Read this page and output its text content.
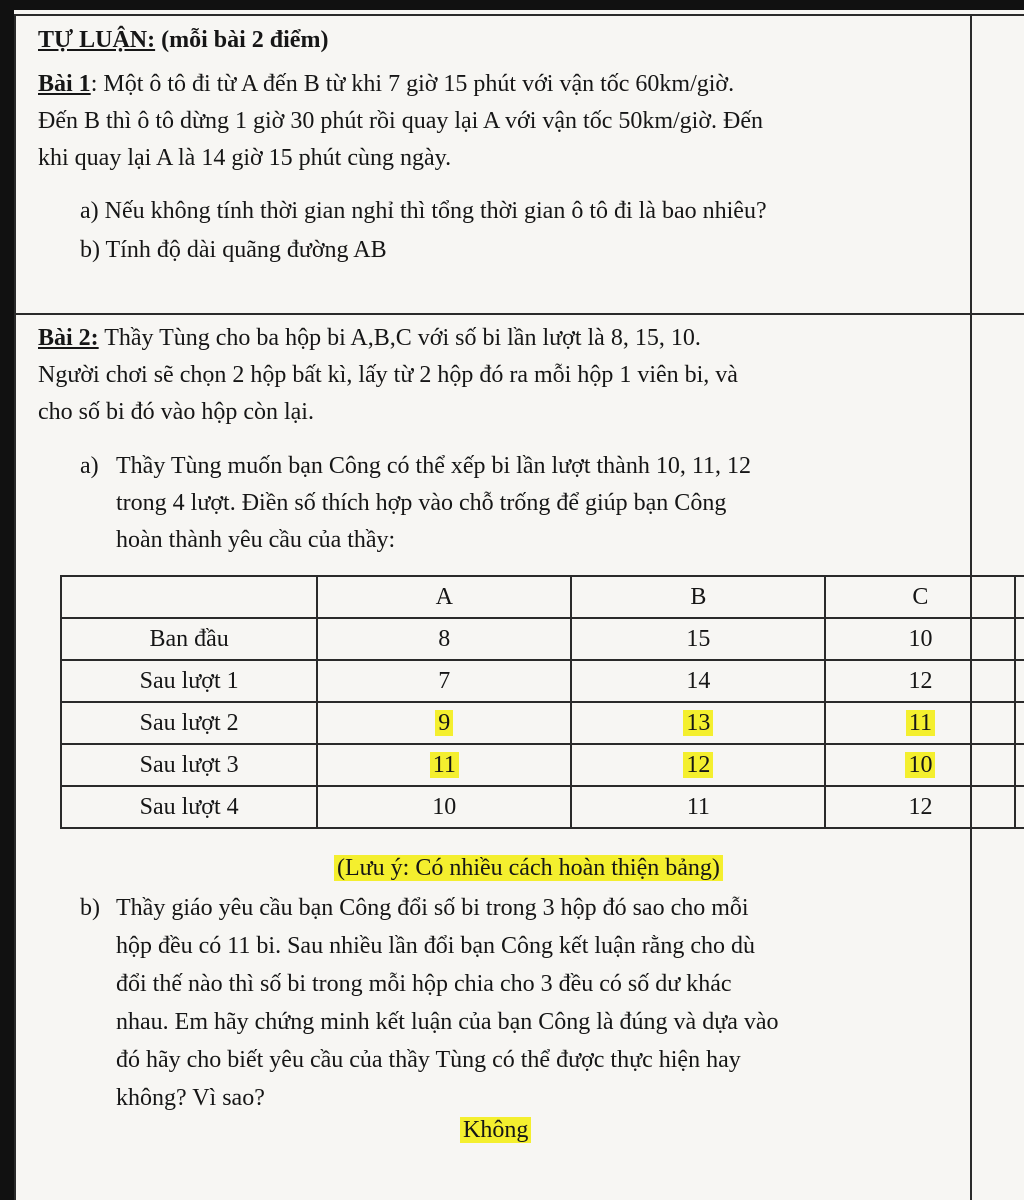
TỰ LUẬN: (mỗi bài 2 điểm)
Bài 1: Một ô tô đi từ A đến B từ khi 7 giờ 15 phút với vận tốc 60km/giờ.
Đến B thì ô tô dừng 1 giờ 30 phút rồi quay lại A với vận tốc 50km/giờ. Đến
khi quay lại A là 14 giờ 15 phút cùng ngày.
a) Nếu không tính thời gian nghỉ thì tổng thời gian ô tô đi là bao nhiêu?
b) Tính độ dài quãng đường AB
Bài 2: Thầy Tùng cho ba hộp bi A,B,C với số bi lần lượt là 8, 15, 10.
Người chơi sẽ chọn 2 hộp bất kì, lấy từ 2 hộp đó ra mỗi hộp 1 viên bi, và
cho số bi đó vào hộp còn lại.
a) Thầy Tùng muốn bạn Công có thể xếp bi lần lượt thành 10, 11, 12
trong 4 lượt. Điền số thích hợp vào chỗ trống để giúp bạn Công
hoàn thành yêu cầu của thầy:
	A	B	C	
Ban đầu	8	15	10	
Sau lượt 1	7	14	12	
Sau lượt 2	9	13	11	
Sau lượt 3	11	12	10	
Sau lượt 4	10	11	12	
(Lưu ý: Có nhiều cách hoàn thiện bảng)
b) Thầy giáo yêu cầu bạn Công đổi số bi trong 3 hộp đó sao cho mỗi
hộp đều có 11 bi. Sau nhiều lần đổi bạn Công kết luận rằng cho dù
đổi thế nào thì số bi trong mỗi hộp chia cho 3 đều có số dư khác
nhau. Em hãy chứng minh kết luận của bạn Công là đúng và dựa vào
đó hãy cho biết yêu cầu của thầy Tùng có thể được thực hiện hay
không? Vì sao?
Không
